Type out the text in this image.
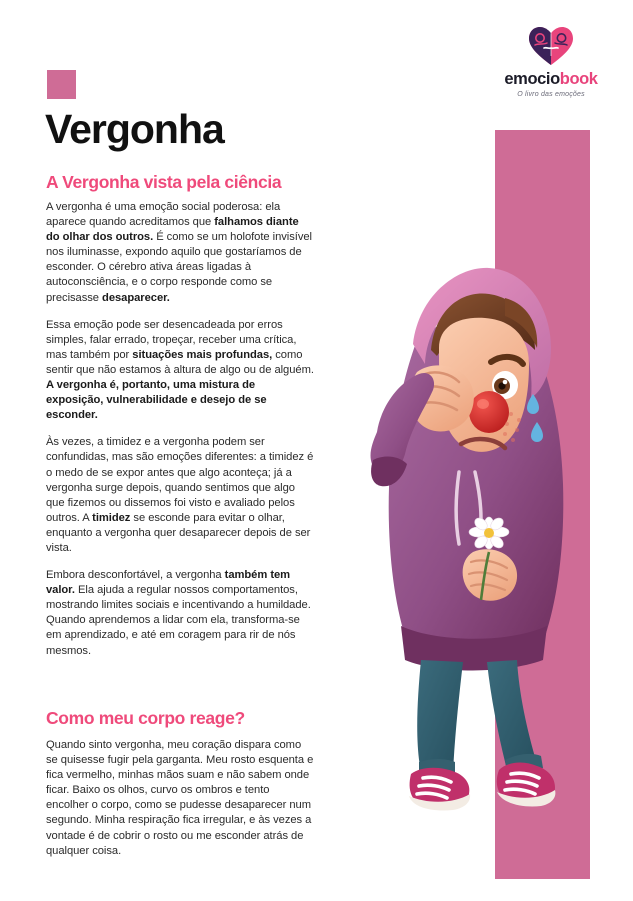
emociobook
O livro das emoções
Vergonha
A Vergonha vista pela ciência

A vergonha é uma emoção social poderosa: ela aparece quando acreditamos que falhamos diante do olhar dos outros. É como se um holofote invisível nos iluminasse, expondo aquilo que gostaríamos de esconder. O cérebro ativa áreas ligadas à autoconsciência, e o corpo responde como se precisasse desaparecer.

Essa emoção pode ser desencadeada por erros simples, falar errado, tropeçar, receber uma crítica, mas também por situações mais profundas, como sentir que não estamos à altura de algo ou de alguém. A vergonha é, portanto, uma mistura de exposição, vulnerabilidade e desejo de se esconder.

Às vezes, a timidez e a vergonha podem ser confundidas, mas são emoções diferentes: a timidez é o medo de se expor antes que algo aconteça; já a vergonha surge depois, quando sentimos que algo que fizemos ou dissemos foi visto e avaliado pelos outros. A timidez se esconde para evitar o olhar, enquanto a vergonha quer desaparecer depois de ser vista.

Embora desconfortável, a vergonha também tem valor. Ela ajuda a regular nossos comportamentos, mostrando limites sociais e incentivando a humildade. Quando aprendemos a lidar com ela, transforma-se em aprendizado, e até em coragem para rir de nós mesmos.

Como meu corpo reage?

Quando sinto vergonha, meu coração dispara como se quisesse fugir pela garganta. Meu rosto esquenta e fica vermelho, minhas mãos suam e não sabem onde ficar. Baixo os olhos, curvo os ombros e tento encolher o corpo, como se pudesse desaparecer num segundo. Minha respiração fica irregular, e às vezes a vontade é de cobrir o rosto ou me esconder atrás de qualquer coisa.
